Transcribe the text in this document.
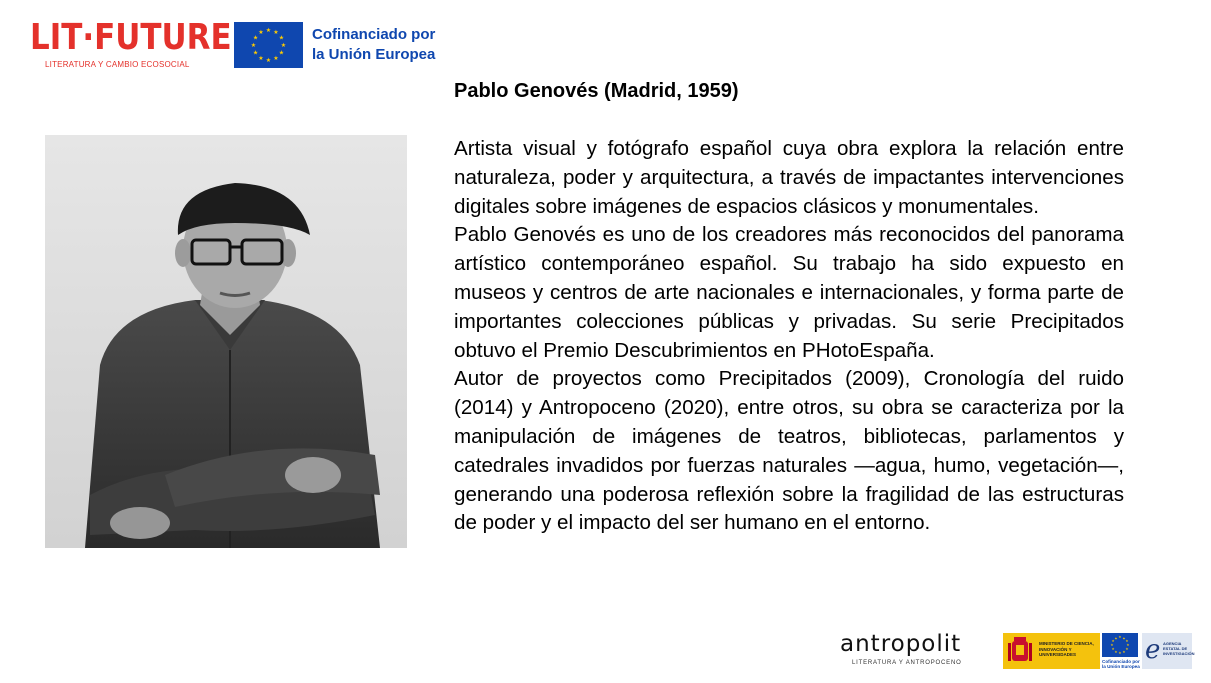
LIT·FUTURE
LITERATURA Y CAMBIO ECOSOCIAL
★ ★
★
★
★
★
★
★
★
★
★
★	Cofinanciado por
la Unión Europea
Pablo Genovés (Madrid, 1959)

Artista visual y fotógrafo español cuya obra explora la relación entre naturaleza, poder y arquitectura, a través de impactantes intervenciones digitales sobre imágenes de espacios clásicos y monumentales.

Pablo Genovés es uno de los creadores más reconocidos del panorama artístico contemporáneo español. Su trabajo ha sido expuesto en museos y centros de arte nacionales e internacionales, y forma parte de importantes colecciones públicas y privadas. Su serie Precipitados obtuvo el Premio Descubrimientos en PHotoEspaña.

Autor de proyectos como Precipitados (2009), Cronología del ruido (2014) y Antropoceno (2020), entre otros, su obra se caracteriza por la manipulación de imágenes de teatros, bibliotecas, parlamentos y catedrales invadidos por fuerzas naturales —agua, humo, vegetación—, generando una poderosa reflexión sobre la fragilidad de las estructuras de poder y el impacto del ser humano en el entorno.

antropolit
LITERATURA Y ANTROPOCENO
MINISTERIO DE CIENCIA, INNOVACIÓN Y UNIVERSIDADES
★ ★
★
★
★
★
★
★
★
★
★
★
Cofinanciado por la Unión Europea
e AGENCIA ESTATAL DE INVESTIGACIÓN
